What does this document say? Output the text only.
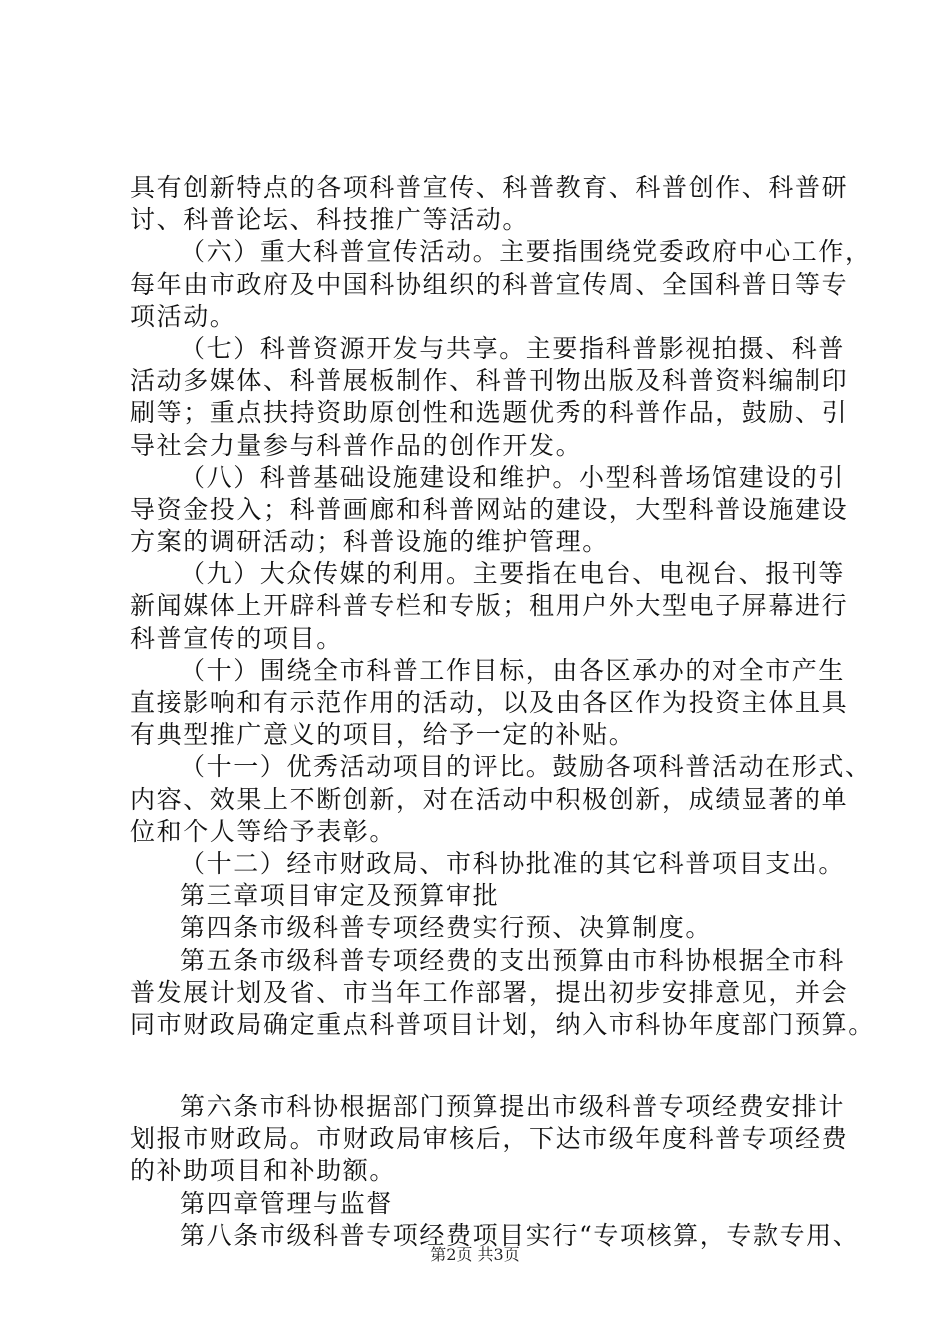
具有创新特点的各项科普宣传、科普教育、科普创作、科普研
讨、科普论坛、科技推广等活动。
（六）重大科普宣传活动。主要指围绕党委政府中心工作，
每年由市政府及中国科协组织的科普宣传周、全国科普日等专
项活动。
（七）科普资源开发与共享。主要指科普影视拍摄、科普
活动多媒体、科普展板制作、科普刊物出版及科普资料编制印
刷等；重点扶持资助原创性和选题优秀的科普作品，鼓励、引
导社会力量参与科普作品的创作开发。
（八）科普基础设施建设和维护。小型科普场馆建设的引
导资金投入；科普画廊和科普网站的建设，大型科普设施建设
方案的调研活动；科普设施的维护管理。
（九）大众传媒的利用。主要指在电台、电视台、报刊等
新闻媒体上开辟科普专栏和专版；租用户外大型电子屏幕进行
科普宣传的项目。
（十）围绕全市科普工作目标，由各区承办的对全市产生
直接影响和有示范作用的活动，以及由各区作为投资主体且具
有典型推广意义的项目，给予一定的补贴。
（十一）优秀活动项目的评比。鼓励各项科普活动在形式、
内容、效果上不断创新，对在活动中积极创新，成绩显著的单
位和个人等给予表彰。
（十二）经市财政局、市科协批准的其它科普项目支出。
第三章项目审定及预算审批
第四条市级科普专项经费实行预、决算制度。
第五条市级科普专项经费的支出预算由市科协根据全市科
普发展计划及省、市当年工作部署，提出初步安排意见，并会
同市财政局确定重点科普项目计划，纳入市科协年度部门预算。
第六条市科协根据部门预算提出市级科普专项经费安排计
划报市财政局。市财政局审核后，下达市级年度科普专项经费
的补助项目和补助额。
第四章管理与监督
第八条市级科普专项经费项目实行“专项核算，专款专用、
第2页 共3页
